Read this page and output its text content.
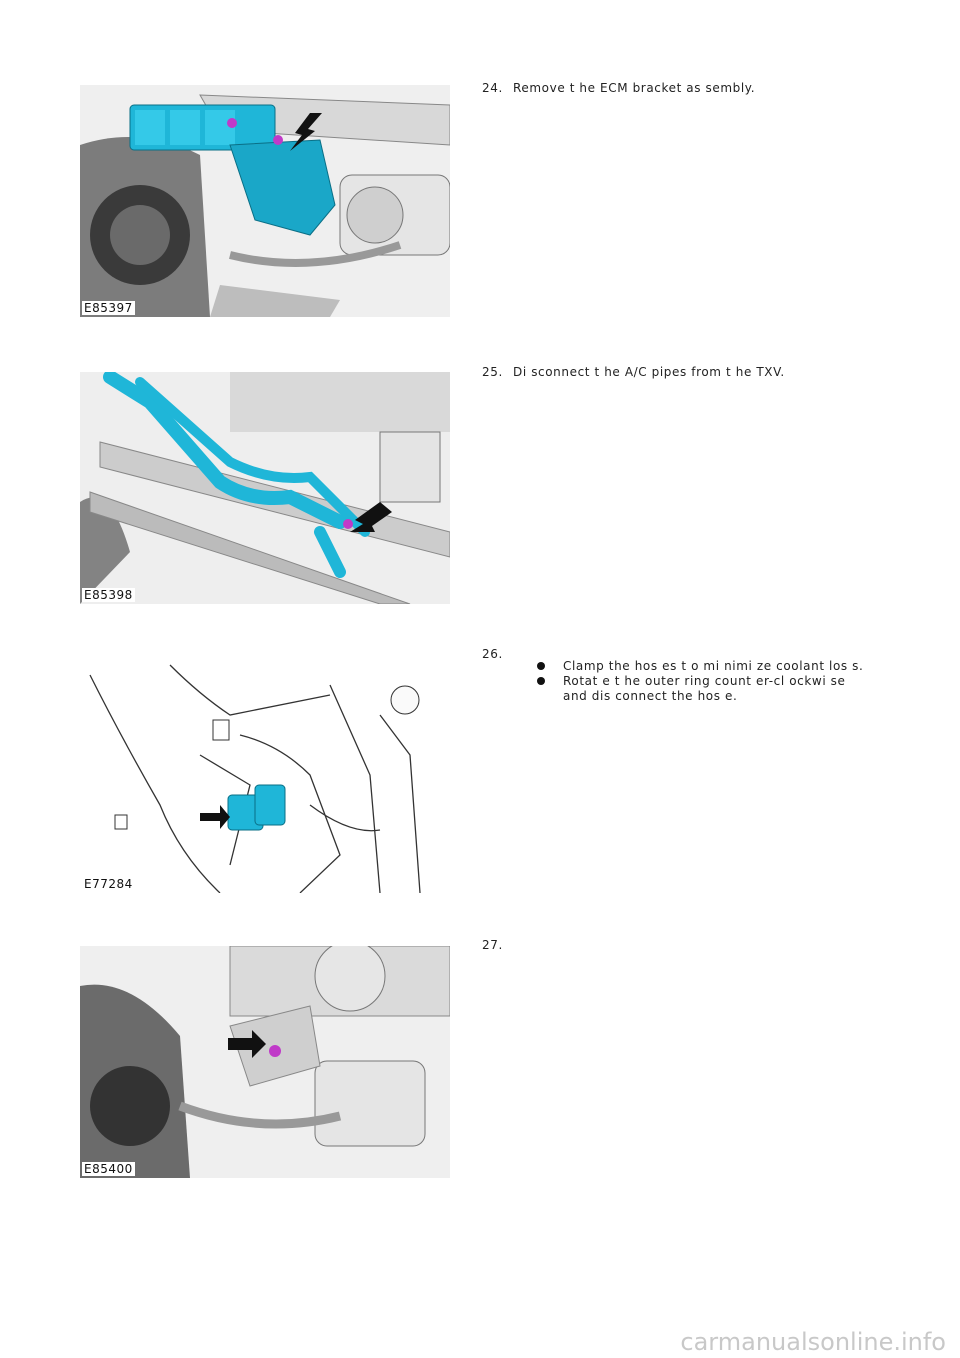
E85397
24. Remove t he ECM bracket as sembly.
E85398
25. Di sconnect t he A/C pipes from t he TXV.
E77284
26.
Clamp the hos es t o mi nimi ze coolant los s.
Rotat e t he outer ring count er-cl ockwi se and dis connect the hos e.
E85400
27.
carmanualsonline.info
